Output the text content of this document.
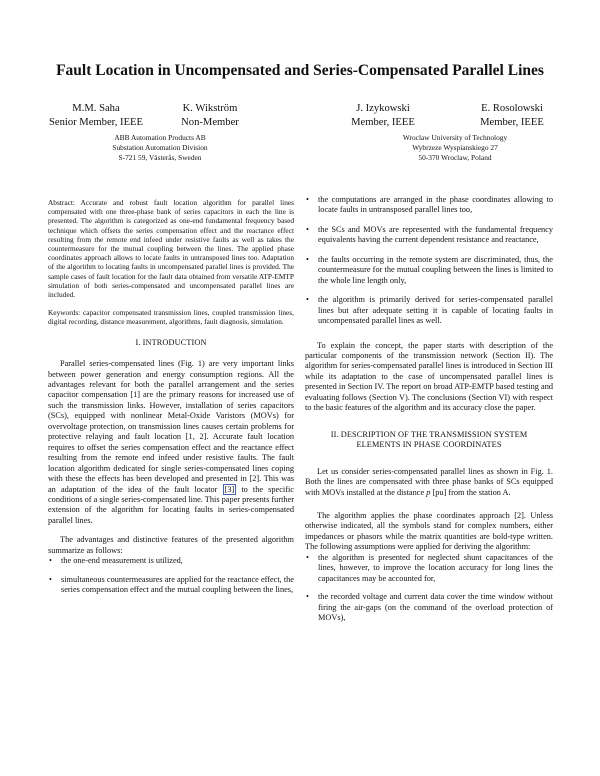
Fault Location in Uncompensated and Series-Compensated Parallel Lines
M.M. Saha
Senior Member, IEEE
K. Wikström
Non-Member
J. Izykowski
Member, IEEE
E. Rosolowski
Member, IEEE
ABB Automation Products AB
Substation Automation Division
S-721 59, Västerås, Sweden
Wroclaw University of Technology
Wybrzeze Wyspianskiego 27
50-370 Wroclaw, Poland

Abstract: Accurate and robust fault location algorithm for parallel lines compensated with one three-phase bank of series capacitors in each the line is presented. The algorithm is categorized as one-end fundamental frequency based technique which offsets the series compensation effect and the reactance effect resulting from the remote end infeed under resistive faults as well as takes the countermeasure for the mutual coupling between the lines. The applied phase coordinates approach allows to locate faults in untransposed lines too. Adaptation of the algorithm to locating faults in uncompensated parallel lines is provided. The sample cases of fault location for the fault data obtained from versatile ATP-EMTP simulation of both series-compensated and uncompensated parallel lines are included.

Keywords: capacitor compensated transmission lines, coupled transmission lines, digital recording, distance measurement, algorithms, fault diagnosis, simulation.

I. INTRODUCTION

Parallel series-compensated lines (Fig. 1) are very important links between power generation and energy consumption regions. All the advantages relevant for both the parallel arrangement and the series capacitor compensation [1] are the primary reasons for increased use of such the transmission links. However, installation of series capacitors (SCs), equipped with nonlinear Metal-Oxide Varistors (MOVs) for overvoltage protection, on transmission lines causes certain problems for protective relaying and fault location [1, 2]. Accurate fault location requires to offset the series compensation effect and the reactance effect resulting from the remote end infeed under resistive faults. The fault location algorithm dedicated for single series-compensated lines coping with these the effects has been developed and presented in [2]. This was an adaptation of the idea of the fault locator [3] to the specific conditions of a single series-compensated line. This paper presents further extension of the algorithm for locating faults in series-compensated parallel lines.

The advantages and distinctive features of the presented algorithm summarize as follows:

• the one-end measurement is utilized,
• simultaneous countermeasures are applied for the reactance effect, the series compensation effect and the mutual coupling between the lines,
• the computations are arranged in the phase coordinates allowing to locate faults in untransposed parallel lines too,
• the SCs and MOVs are represented with the fundamental frequency equivalents having the current dependent resistance and reactance,
• the faults occurring in the remote system are discriminated, thus, the countermeasure for the mutual coupling between the lines is limited to the whole line length only,
• the algorithm is primarily derived for series-compensated parallel lines but after adequate setting it is capable of locating faults in uncompensated parallel lines as well.

To explain the concept, the paper starts with description of the particular components of the transmission network (Section II). The algorithm for series-compensated parallel lines is introduced in Section III while its adaptation to the case of uncompensated parallel lines is presented in Section IV. The report on broad ATP-EMTP based testing and evaluating follows (Section V). The conclusions (Section VI) with respect to the basic features of the algorithm and its accuracy close the paper.

II. DESCRIPTION OF THE TRANSMISSION SYSTEM
ELEMENTS IN PHASE COORDINATES

Let us consider series-compensated parallel lines as shown in Fig. 1. Both the lines are compensated with three phase banks of SCs equipped with MOVs installed at the distance p [pu] from the station A.

The algorithm applies the phase coordinates approach [2]. Unless otherwise indicated, all the symbols stand for complex numbers, either impedances or phasors while the matrix quantities are bold-type written. The following assumptions were applied for deriving the algorithm:

• the algorithm is presented for neglected shunt capacitances of the lines, however, to improve the location accuracy for long lines the capacitances may be accounted for,
• the recorded voltage and current data cover the time window without firing the air-gaps (on the command of the overload protection of MOVs),
